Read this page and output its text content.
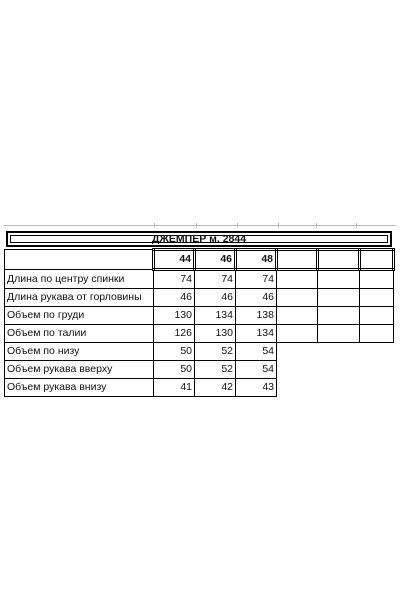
ДЖЕМПЕР м. 2844
	44	46	48			
Длина по центру спинки	74	74	74			
Длина рукава от горловины	46	46	46			
Объем по груди	130	134	138			
Объем по талии	126	130	134			
Объем по низу	50	52	54			
Объем рукава вверху	50	52	54			
Объем рукава внизу	41	42	43			
